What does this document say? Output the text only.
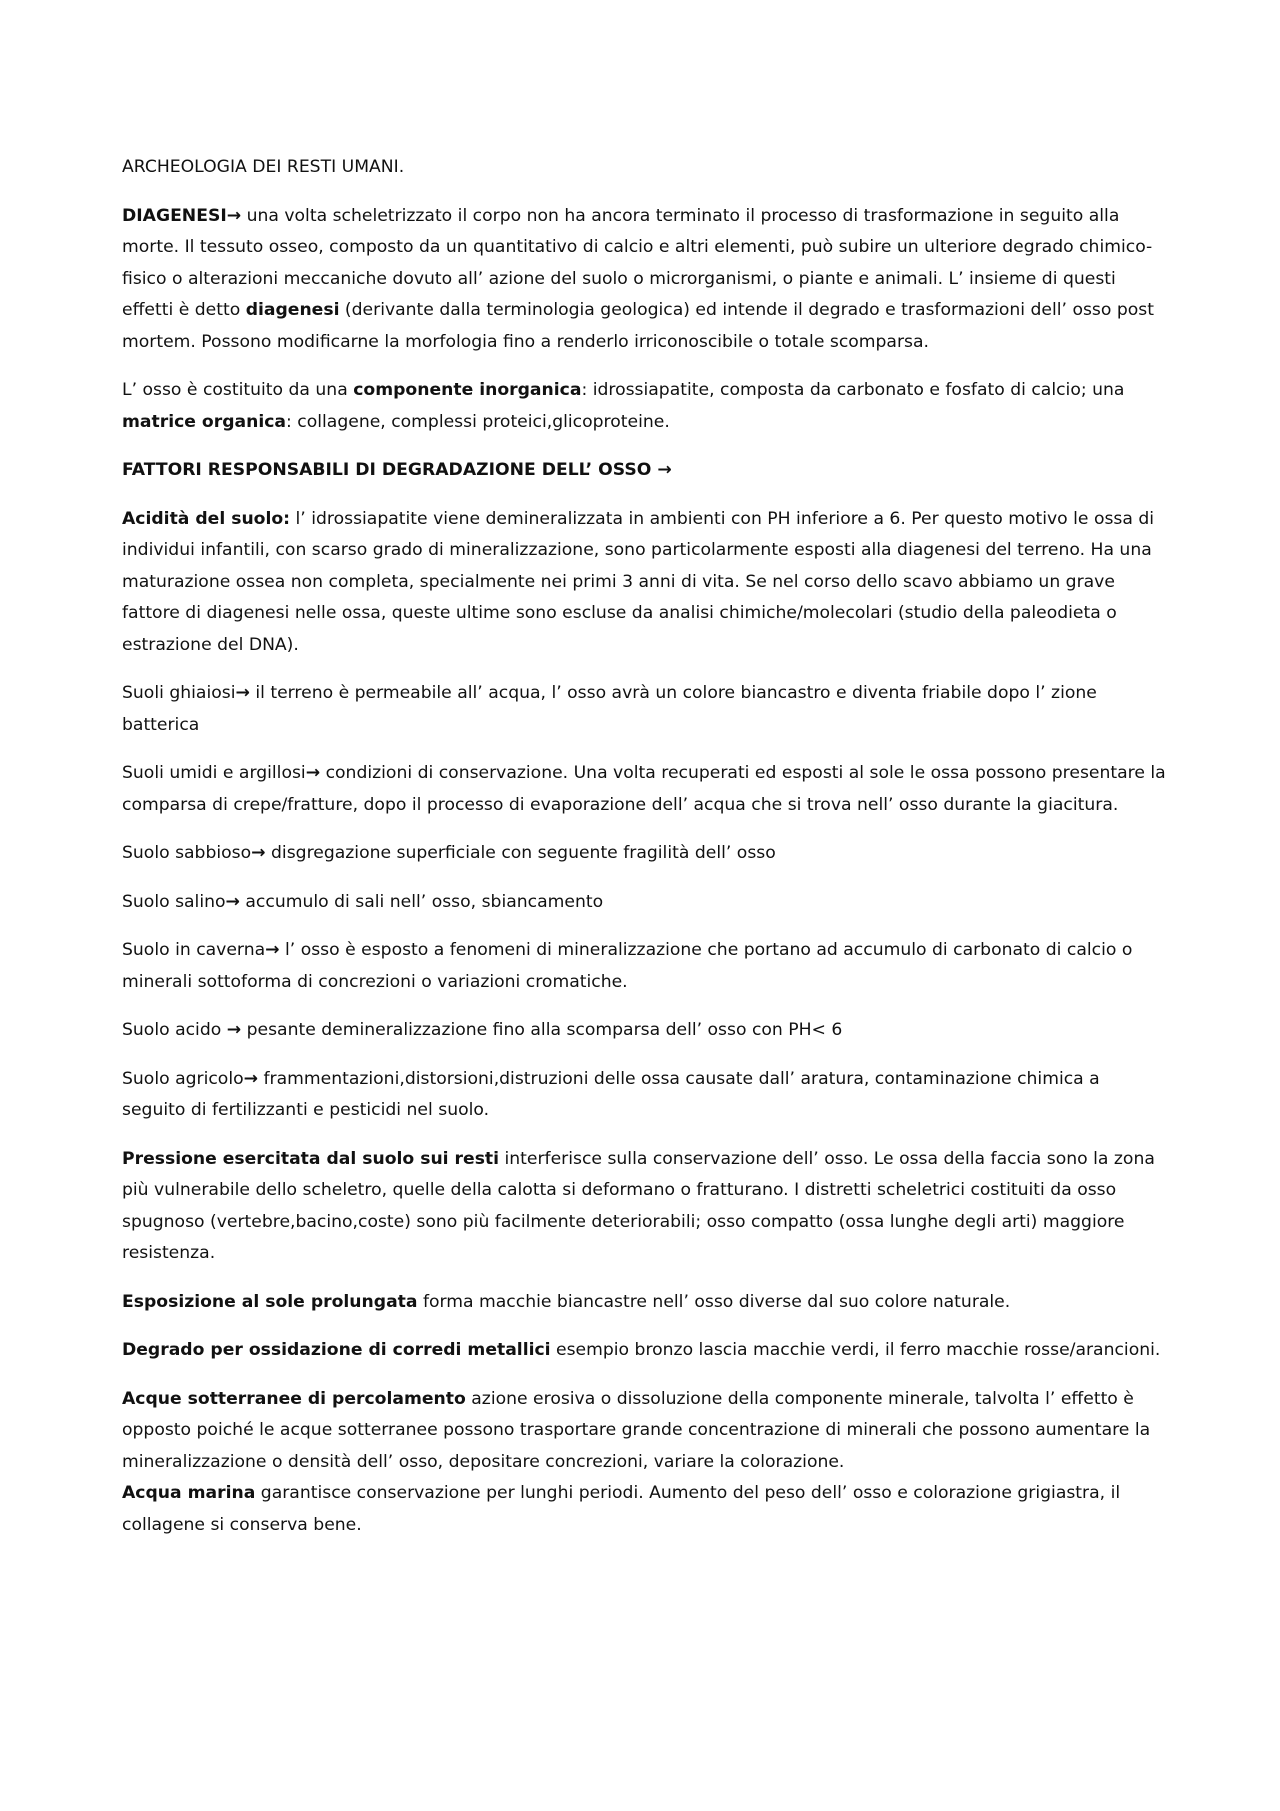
ARCHEOLOGIA DEI RESTI UMANI.

DIAGENESI→ una volta scheletrizzato il corpo non ha ancora terminato il processo di trasformazione in seguito alla morte. Il tessuto osseo, composto da un quantitativo di calcio e altri elementi, può subire un ulteriore degrado chimico-fisico o alterazioni meccaniche dovuto all’ azione del suolo o microrganismi, o piante e animali. L’ insieme di questi effetti è detto diagenesi (derivante dalla terminologia geologica) ed intende il degrado e trasformazioni dell’ osso post mortem. Possono modificarne la morfologia fino a renderlo irriconoscibile o totale scomparsa.

L’ osso è costituito da una componente inorganica: idrossiapatite, composta da carbonato e fosfato di calcio; una matrice organica: collagene, complessi proteici,glicoproteine.

FATTORI RESPONSABILI DI DEGRADAZIONE DELL’ OSSO →

Acidità del suolo: l’ idrossiapatite viene demineralizzata in ambienti con PH inferiore a 6. Per questo motivo le ossa di individui infantili, con scarso grado di mineralizzazione, sono particolarmente esposti alla diagenesi del terreno. Ha una maturazione ossea non completa, specialmente nei primi 3 anni di vita. Se nel corso dello scavo abbiamo un grave fattore di diagenesi nelle ossa, queste ultime sono escluse da analisi chimiche/molecolari (studio della paleodieta o estrazione del DNA).

Suoli ghiaiosi→ il terreno è permeabile all’ acqua, l’ osso avrà un colore biancastro e diventa friabile dopo l’ zione batterica

Suoli umidi e argillosi→ condizioni di conservazione. Una volta recuperati ed esposti al sole le ossa possono presentare la comparsa di crepe/fratture, dopo il processo di evaporazione dell’ acqua che si trova nell’ osso durante la giacitura.

Suolo sabbioso→ disgregazione superficiale con seguente fragilità dell’ osso

Suolo salino→ accumulo di sali nell’ osso, sbiancamento

Suolo in caverna→ l’ osso è esposto a fenomeni di mineralizzazione che portano ad accumulo di carbonato di calcio o minerali sottoforma di concrezioni o variazioni cromatiche.

Suolo acido → pesante demineralizzazione fino alla scomparsa dell’ osso con PH< 6

Suolo agricolo→ frammentazioni,distorsioni,distruzioni delle ossa causate dall’ aratura, contaminazione chimica a seguito di fertilizzanti e pesticidi nel suolo.

Pressione esercitata dal suolo sui resti interferisce sulla conservazione dell’ osso. Le ossa della faccia sono la zona più vulnerabile dello scheletro, quelle della calotta si deformano o fratturano. I distretti scheletrici costituiti da osso spugnoso (vertebre,bacino,coste) sono più facilmente deteriorabili; osso compatto (ossa lunghe degli arti) maggiore resistenza.

Esposizione al sole prolungata forma macchie biancastre nell’ osso diverse dal suo colore naturale.

Degrado per ossidazione di corredi metallici esempio bronzo lascia macchie verdi, il ferro macchie rosse/arancioni.

Acque sotterranee di percolamento azione erosiva o dissoluzione della componente minerale, talvolta l’ effetto è opposto poiché le acque sotterranee possono trasportare grande concentrazione di minerali che possono aumentare la mineralizzazione o densità dell’ osso, depositare concrezioni, variare la colorazione.

Acqua marina garantisce conservazione per lunghi periodi. Aumento del peso dell’ osso e colorazione grigiastra, il collagene si conserva bene.
